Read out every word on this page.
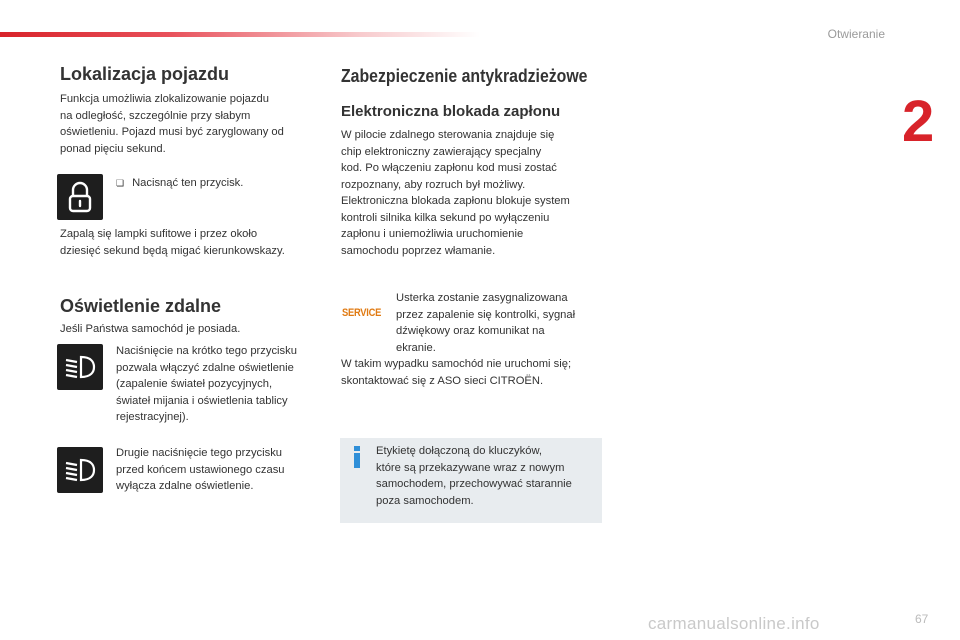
Otwieranie
2
Lokalizacja pojazdu
Funkcja umożliwia zlokalizowanie pojazdu
na odległość, szczególnie przy słabym
oświetleniu. Pojazd musi być zaryglowany od
ponad pięciu sekund.
❏ Nacisnąć ten przycisk.
Zapalą się lampki sufitowe i przez około
dziesięć sekund będą migać kierunkowskazy.
Oświetlenie zdalne
Jeśli Państwa samochód je posiada.
Naciśnięcie na krótko tego przycisku
pozwala włączyć zdalne oświetlenie
(zapalenie świateł pozycyjnych,
świateł mijania i oświetlenia tablicy
rejestracyjnej).
Drugie naciśnięcie tego przycisku
przed końcem ustawionego czasu
wyłącza zdalne oświetlenie.
Zabezpieczenie antykradzieżowe
Elektroniczna blokada zapłonu
W pilocie zdalnego sterowania znajduje się
chip elektroniczny zawierający specjalny
kod. Po włączeniu zapłonu kod musi zostać
rozpoznany, aby rozruch był możliwy.
Elektroniczna blokada zapłonu blokuje system
kontroli silnika kilka sekund po wyłączeniu
zapłonu i uniemożliwia uruchomienie
samochodu poprzez włamanie.
SERVICE
Usterka zostanie zasygnalizowana
przez zapalenie się kontrolki, sygnał
dźwiękowy oraz komunikat na
ekranie.
W takim wypadku samochód nie uruchomi się;
skontaktować się z ASO sieci CITROËN.
Etykietę dołączoną do kluczyków,
które są przekazywane wraz z nowym
samochodem, przechowywać starannie
poza samochodem.
67
carmanualsonline.info
